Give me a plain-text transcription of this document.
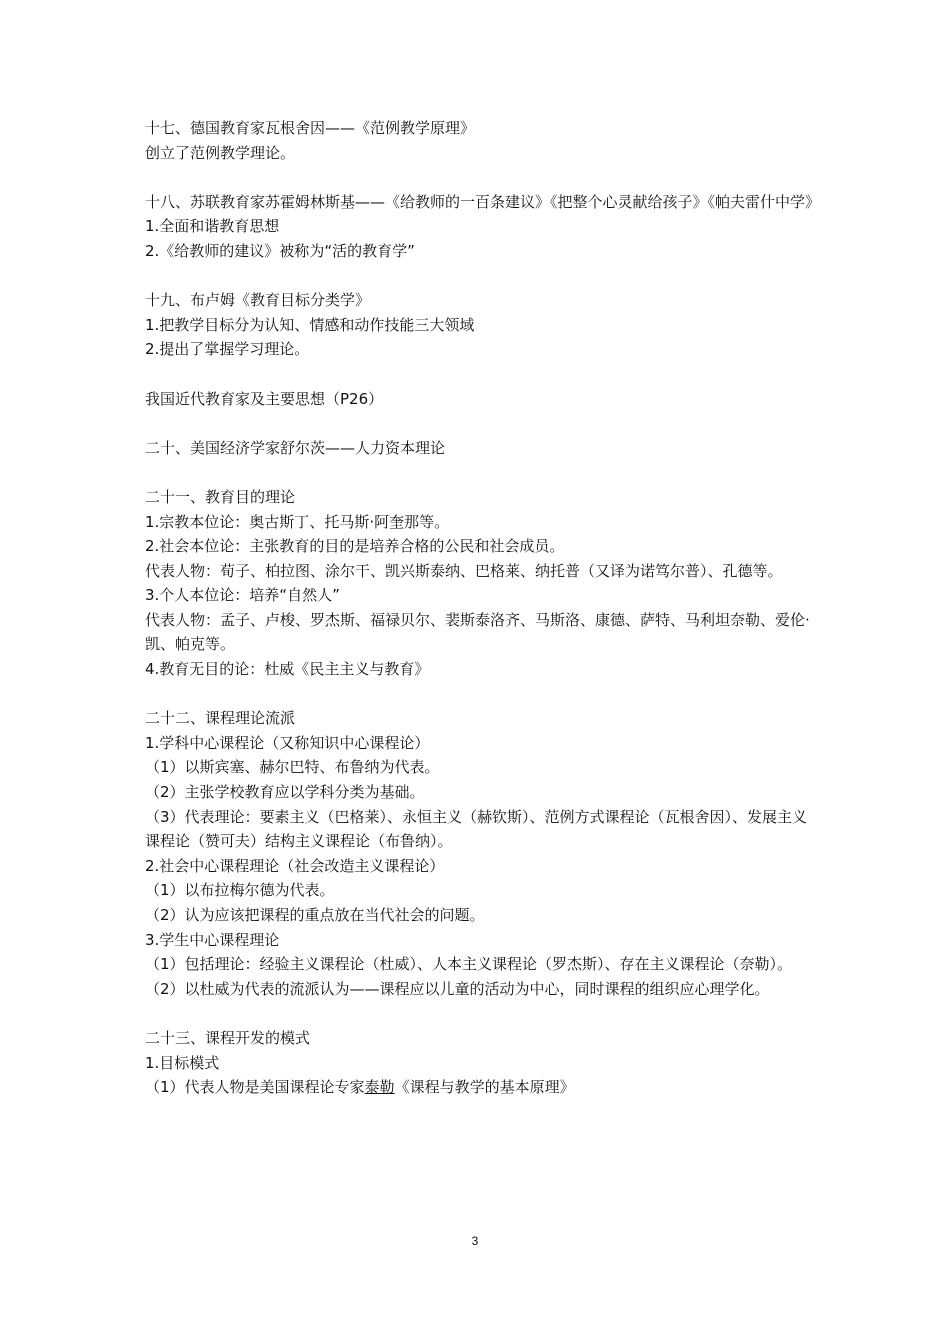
十七、德国教育家瓦根舍因——《范例教学原理》
创立了范例教学理论。
十八、苏联教育家苏霍姆林斯基——《给教师的一百条建议》《把整个心灵献给孩子》《帕夫雷什中学》
1.全面和谐教育思想
2.《给教师的建议》被称为“活的教育学”
十九、布卢姆《教育目标分类学》
1.把教学目标分为认知、情感和动作技能三大领域
2.提出了掌握学习理论。
我国近代教育家及主要思想（P26）
二十、美国经济学家舒尔茨——人力资本理论
二十一、教育目的理论
1.宗教本位论：奥古斯丁、托马斯·阿奎那等。
2.社会本位论：主张教育的目的是培养合格的公民和社会成员。
代表人物：荀子、柏拉图、涂尔干、凯兴斯泰纳、巴格莱、纳托普（又译为诺笃尔普）、孔德等。
3.个人本位论：培养“自然人”
代表人物：孟子、卢梭、罗杰斯、福禄贝尔、裴斯泰洛齐、马斯洛、康德、萨特、马利坦奈勒、爱伦·凯、帕克等。
4.教育无目的论：杜威《民主主义与教育》
二十二、课程理论流派
1.学科中心课程论（又称知识中心课程论）
（1）以斯宾塞、赫尔巴特、布鲁纳为代表。
（2）主张学校教育应以学科分类为基础。
（3）代表理论：要素主义（巴格莱）、永恒主义（赫钦斯）、范例方式课程论（瓦根舍因）、发展主义课程论（赞可夫）结构主义课程论（布鲁纳）。
2.社会中心课程理论（社会改造主义课程论）
（1）以布拉梅尔德为代表。
（2）认为应该把课程的重点放在当代社会的问题。
3.学生中心课程理论
（1）包括理论：经验主义课程论（杜威）、人本主义课程论（罗杰斯）、存在主义课程论（奈勒）。
（2）以杜威为代表的流派认为——课程应以儿童的活动为中心，同时课程的组织应心理学化。
二十三、课程开发的模式
1.目标模式
（1）代表人物是美国课程论专家泰勒《课程与教学的基本原理》
3
